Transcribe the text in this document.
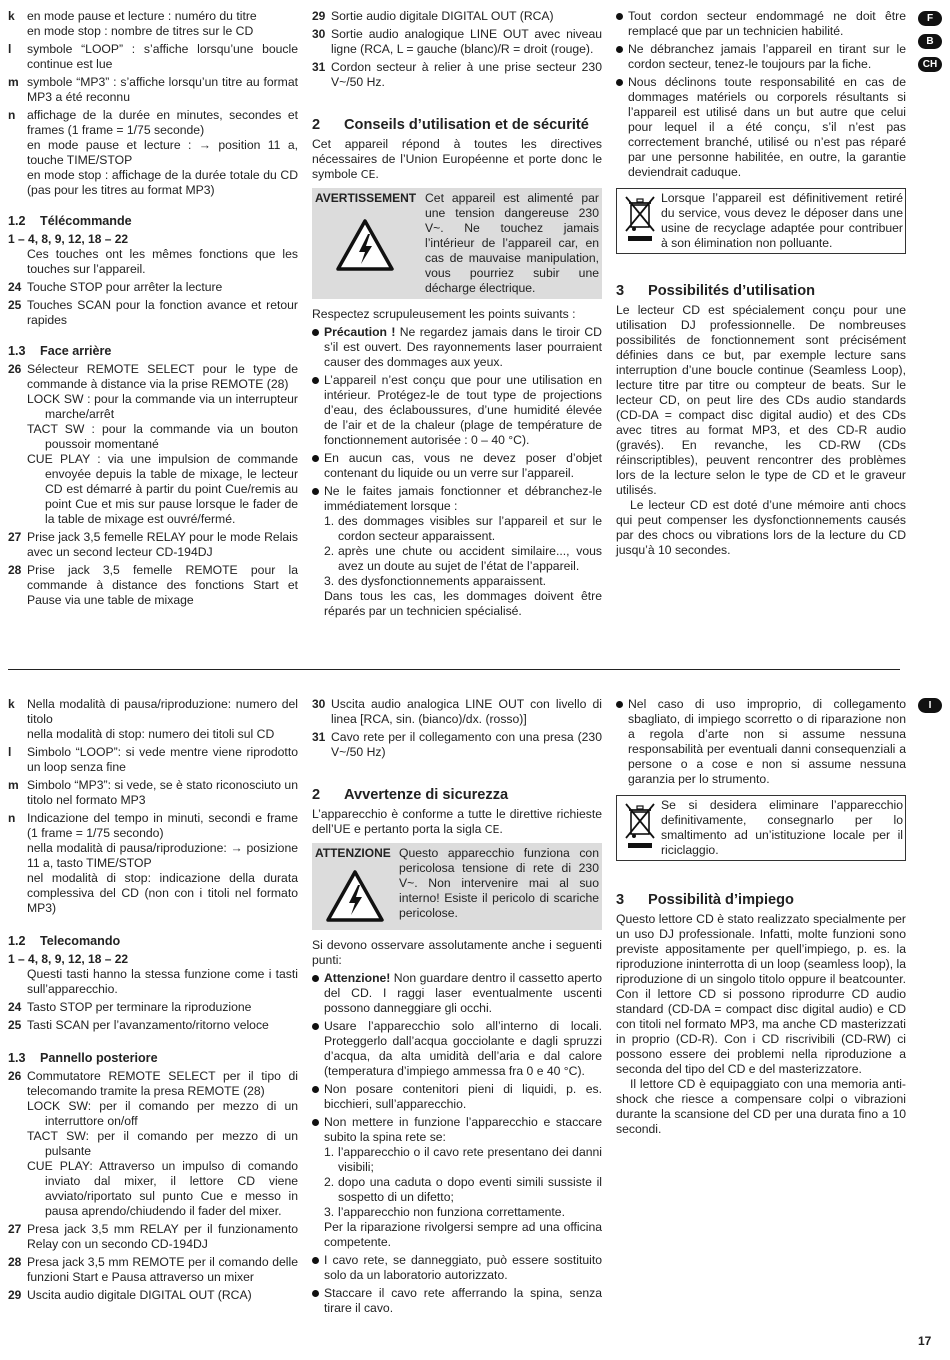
k	en mode pause et lecture : numéro du titre

en mode stop : nombre de titres sur le CD

l	symbole “LOOP” : s’affiche lorsqu’une boucle continue est lue
m symbole “MP3” : s’affiche lorsqu’un titre au format MP3 a été reconnu
n affichage de la durée en minutes, secondes et frames (1 frame = 1/75 seconde)

en mode pause et lecture : → position 11 a, touche TIME/STOP

en mode stop : affichage de la durée totale du CD (pas pour les titres au format MP3)

1.2 Télécommande
1 – 4, 8, 9, 12, 18 – 22
Ces touches ont les mêmes fonctions que les touches sur l’appareil.
24 Touche STOP pour arrêter la lecture
25 Touches SCAN pour la fonction avance et retour rapides
1.3 Face arrière
26 Sélecteur REMOTE SELECT pour le type de commande à distance via la prise REMOTE (28)
LOCK SW : pour la commande via un interrupteur marche/arrêt
TACT SW : pour la commande via un bouton poussoir momentané
CUE PLAY : via une impulsion de commande envoyée depuis la table de mixage, le lecteur CD est démarré à partir du point Cue/remis au point Cue et mis sur pause lorsque le fader de la table de mixage est ouvré/fermé.
27 Prise jack 3,5 femelle RELAY pour le mode Relais avec un second lecteur CD-194DJ
28 Prise jack 3,5 femelle REMOTE pour la commande à distance des fonctions Start et Pause via une table de mixage
29 Sortie audio digitale DIGITAL OUT (RCA)
30 Sortie audio analogique LINE OUT avec niveau ligne (RCA, L = gauche (blanc)/R = droit (rouge).
31 Cordon secteur à relier à une prise secteur 230 V~/50 Hz.
2 Conseils d’utilisation et de sécurité

Cet appareil répond à toutes les directives nécessaires de l’Union Européenne et porte donc le symbole CE.

AVERTISSEMENT Cet appareil est alimenté par une tension dangereuse 230 V~. Ne touchez jamais l’intérieur de l’appareil car, en cas de mauvaise manipulation, vous pourriez subir une décharge électrique.

Respectez scrupuleusement les points suivants :

Précaution ! Ne regardez jamais dans le tiroir CD s’il est ouvert. Des rayonnements laser pourraient causer des dommages aux yeux.
L’appareil n’est conçu que pour une utilisation en intérieur. Protégez-le de tout type de projections d’eau, des éclaboussures, d’une humidité élevée de l’air et de la chaleur (plage de température de fonctionnement autorisée : 0 – 40 °C).
En aucun cas, vous ne devez poser d’objet contenant du liquide ou un verre sur l’appareil.
Ne le faites jamais fonctionner et débranchez-le immédiatement lorsque :
1. des dommages visibles sur l’appareil et sur le cordon secteur apparaissent.
2. après une chute ou accident similaire..., vous avez un doute au sujet de l’état de l’appareil.
3. des dysfonctionnements apparaissent.
Dans tous les cas, les dommages doivent être réparés par un technicien spécialisé.
Tout cordon secteur endommagé ne doit être remplacé que par un technicien habilité.
Ne débranchez jamais l’appareil en tirant sur le cordon secteur, tenez-le toujours par la fiche.
Nous déclinons toute responsabilité en cas de dommages matériels ou corporels résultants si l’appareil est utilisé dans un but autre que celui pour lequel il a été conçu, s’il n’est pas correctement branché, utilisé ou n’est pas réparé par une personne habilitée, en outre, la garantie deviendrait caduque.
Lorsque l’appareil est définitivement retiré du service, vous devez le déposer dans une usine de recyclage adaptée pour contribuer à son élimination non polluante.
3 Possibilités d’utilisation

Le lecteur CD est spécialement conçu pour une utilisation DJ professionnelle. De nombreuses possibilités de fonctionnement sont précisément définies dans ce but, par exemple lecture sans interruption d’une boucle continue (Seamless Loop), lecture titre par titre ou compteur de beats. Sur le lecteur CD, on peut lire des CDs audio standards (CD-DA = compact disc digital audio) et des CDs avec titres au format MP3, et des CD-R audio (gravés). En revanche, les CD-RW (CDs réinscriptibles), peuvent rencontrer des problèmes lors de la lecture selon le type de CD et le graveur utilisés.

Le lecteur CD est doté d’une mémoire anti chocs qui peut compenser les dysfonctionnements causés par des chocs ou vibrations lors de la lecture du CD jusqu’à 10 secondes.

F
B
CH
k	Nella modalità di pausa/riproduzione: numero del titolo

nella modalità di stop: numero dei titoli sul CD

l	Simbolo “LOOP”: si vede mentre viene riprodotto un loop senza fine
m Simbolo “MP3”: si vede, se è stato riconosciuto un titolo nel formato MP3
n Indicazione del tempo in minuti, secondi e frame (1 frame = 1/75 secondo)

nella modalità di pausa/riproduzione: → posizione 11 a, tasto TIME/STOP

nel modalità di stop: indicazione della durata complessiva del CD (non con i titoli nel formato MP3)

1.2 Telecomando
1 – 4, 8, 9, 12, 18 – 22
Questi tasti hanno la stessa funzione come i tasti sull’apparecchio.
24 Tasto STOP per terminare la riproduzione
25 Tasti SCAN per l’avanzamento/ritorno veloce
1.3 Pannello posteriore
26 Commutatore REMOTE SELECT per il tipo di telecomando tramite la presa REMOTE (28)
LOCK SW: per il comando per mezzo di un interruttore on/off
TACT SW: per il comando per mezzo di un pulsante
CUE PLAY: Attraverso un impulso di comando inviato dal mixer, il lettore CD viene avviato/riportato sul punto Cue e messo in pausa aprendo/chiudendo il fader del mixer.
27 Presa jack 3,5 mm RELAY per il funzionamento Relay con un secondo CD-194DJ
28 Presa jack 3,5 mm REMOTE per il comando delle funzioni Start e Pausa attraverso un mixer
29 Uscita audio digitale DIGITAL OUT (RCA)
30 Uscita audio analogica LINE OUT con livello di linea [RCA, sin. (bianco)/dx. (rosso)]
31 Cavo rete per il collegamento con una presa (230 V~/50 Hz)
2 Avvertenze di sicurezza

L’apparecchio è conforme a tutte le direttive richieste dell’UE e pertanto porta la sigla CE.

ATTENZIONE Questo apparecchio funziona con pericolosa tensione di rete di 230 V~. Non intervenire mai al suo interno! Esiste il pericolo di scariche pericolose.

Si devono osservare assolutamente anche i seguenti punti:

Attenzione! Non guardare dentro il cassetto aperto del CD. I raggi laser eventualmente uscenti possono danneggiare gli occhi.
Usare l’apparecchio solo all’interno di locali. Proteggerlo dall’acqua gocciolante e dagli spruzzi d’acqua, da alta umidità dell’aria e dal calore (temperatura d’impiego ammessa fra 0 e 40 °C).
Non posare contenitori pieni di liquidi, p. es. bicchieri, sull’apparecchio.
Non mettere in funzione l’apparecchio e staccare subito la spina rete se:
1. l’apparecchio o il cavo rete presentano dei danni visibili;
2. dopo una caduta o dopo eventi simili sussiste il sospetto di un difetto;
3. l’apparecchio non funziona correttamente.
Per la riparazione rivolgersi sempre ad una officina competente.
I cavo rete, se danneggiato, può essere sostituito solo da un laboratorio autorizzato.
Staccare il cavo rete afferrando la spina, senza tirare il cavo.
Nel caso di uso improprio, di collegamento sbagliato, di impiego scorretto o di riparazione non a regola d’arte non si assume nessuna responsabilità per eventuali danni consequenziali a persone o a cose e non si assume nessuna garanzia per lo strumento.
Se si desidera eliminare l’apparecchio definitivamente, consegnarlo per lo smaltimento ad un’istituzione locale per il riciclaggio.
3 Possibilità d’impiego

Questo lettore CD è stato realizzato specialmente per un uso DJ professionale. Infatti, molte funzioni sono previste appositamente per quell’impiego, p. es. la riproduzione ininterrotta di un loop (seamless loop), la riproduzione di un singolo titolo oppure il beatcounter. Con il lettore CD si possono riprodurre CD audio standard (CD-DA = compact disc digital audio) e CD con titoli nel formato MP3, ma anche CD masterizzati in proprio (CD-R). Con i CD riscrivibili (CD-RW) ci possono essere dei problemi nella riproduzione a seconda del tipo del CD e del masterizzatore.

Il lettore CD è equipaggiato con una memoria anti-shock che riesce a compensare colpi o vibrazioni durante la scansione del CD per una durata fino a 10 secondi.

I
17
